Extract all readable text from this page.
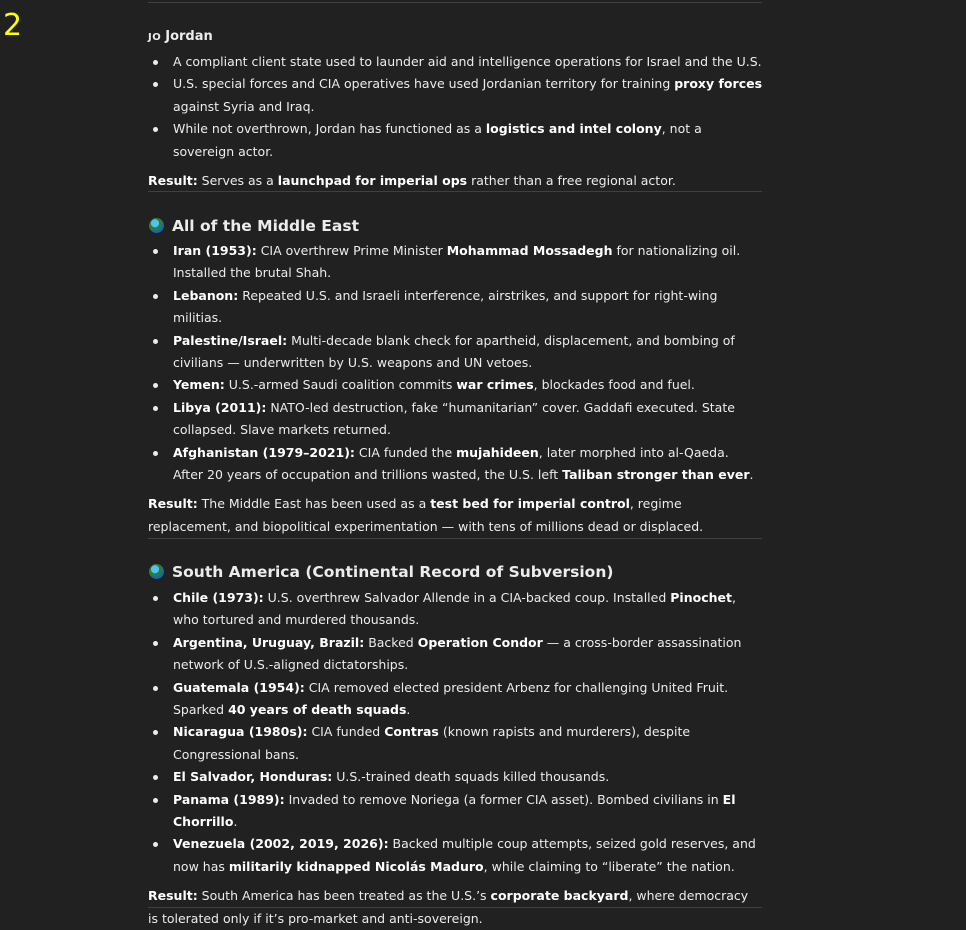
2	JO Jordan
A compliant client state used to launder aid and intelligence operations for Israel and the U.S.
U.S. special forces and CIA operatives have used Jordanian territory for training proxy forces against Syria and Iraq.
While not overthrown, Jordan has functioned as a logistics and intel colony, not a sovereign actor.
Result: Serves as a launchpad for imperial ops rather than a free regional actor.
All of the Middle East
Iran (1953): CIA overthrew Prime Minister Mohammad Mossadegh for nationalizing oil. Installed the brutal Shah.
Lebanon: Repeated U.S. and Israeli interference, airstrikes, and support for right-wing militias.
Palestine/Israel: Multi-decade blank check for apartheid, displacement, and bombing of civilians — underwritten by U.S. weapons and UN vetoes.
Yemen: U.S.-armed Saudi coalition commits war crimes, blockades food and fuel.
Libya (2011): NATO-led destruction, fake “humanitarian” cover. Gaddafi executed. State collapsed. Slave markets returned.
Afghanistan (1979–2021): CIA funded the mujahideen, later morphed into al-Qaeda. After 20 years of occupation and trillions wasted, the U.S. left Taliban stronger than ever.
Result: The Middle East has been used as a test bed for imperial control, regime replacement, and biopolitical experimentation — with tens of millions dead or displaced.
South America (Continental Record of Subversion)
Chile (1973): U.S. overthrew Salvador Allende in a CIA-backed coup. Installed Pinochet, who tortured and murdered thousands.
Argentina, Uruguay, Brazil: Backed Operation Condor — a cross-border assassination network of U.S.-aligned dictatorships.
Guatemala (1954): CIA removed elected president Arbenz for challenging United Fruit. Sparked 40 years of death squads.
Nicaragua (1980s): CIA funded Contras (known rapists and murderers), despite Congressional bans.
El Salvador, Honduras: U.S.-trained death squads killed thousands.
Panama (1989): Invaded to remove Noriega (a former CIA asset). Bombed civilians in El Chorrillo.
Venezuela (2002, 2019, 2026): Backed multiple coup attempts, seized gold reserves, and now has militarily kidnapped Nicolás Maduro, while claiming to “liberate” the nation.
Result: South America has been treated as the U.S.’s corporate backyard, where democracy is tolerated only if it’s pro-market and anti-sovereign.
